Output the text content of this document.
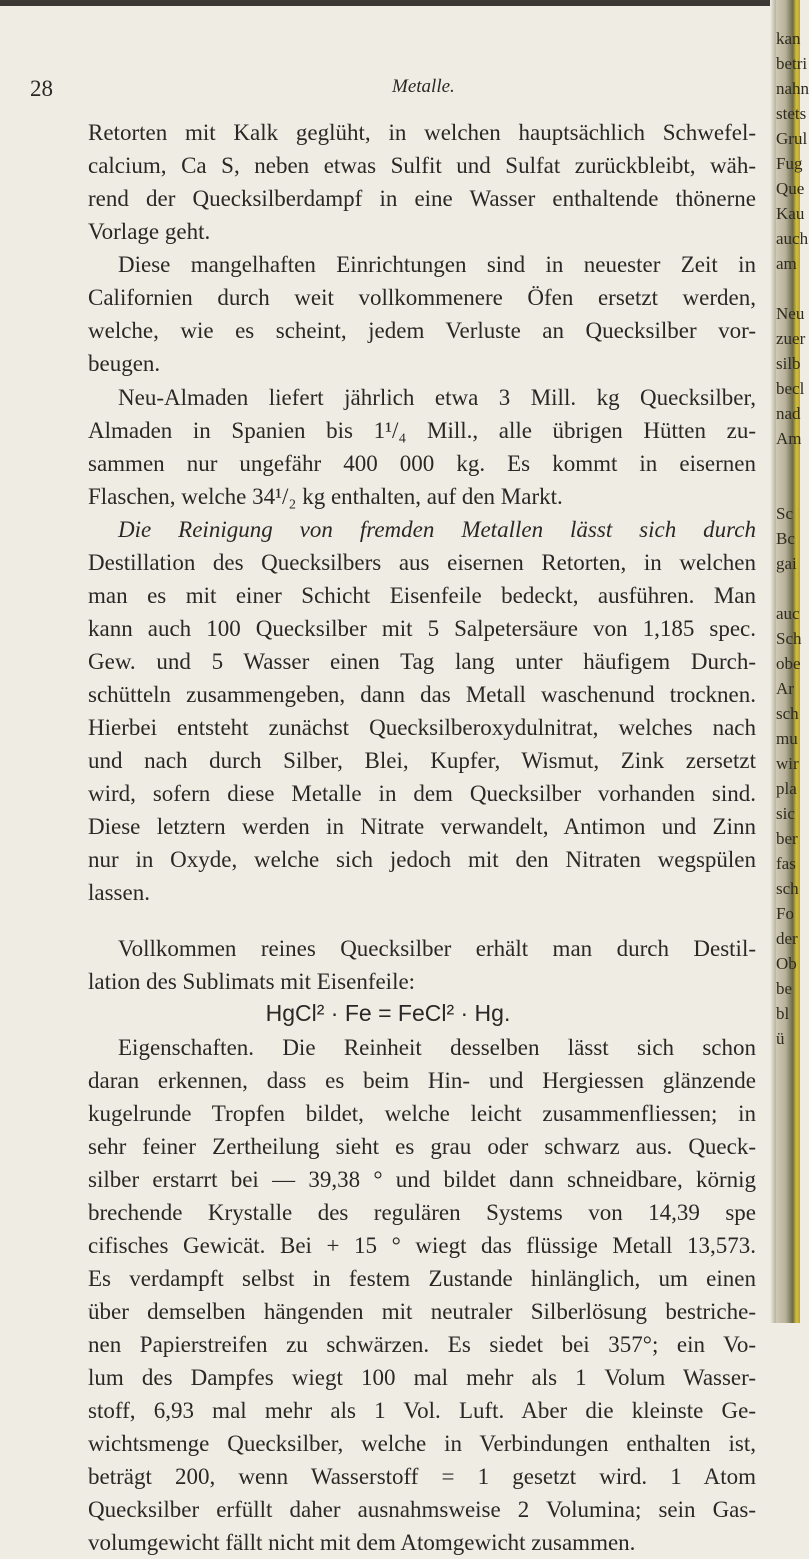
28	Metalle.
Retorten mit Kalk geglüht, in welchen hauptsächlich Schwefel-
calcium, Ca S, neben etwas Sulfit und Sulfat zurückbleibt, wäh-
rend der Quecksilberdampf in eine Wasser enthaltende thönerne
Vorlage geht.
Diese mangelhaften Einrichtungen sind in neuester Zeit in
Californien durch weit vollkommenere Öfen ersetzt werden,
welche, wie es scheint, jedem Verluste an Quecksilber vor-
beugen.
Neu-Almaden liefert jährlich etwa 3 Mill. kg Quecksilber,
Almaden in Spanien bis 1¹/₄ Mill., alle übrigen Hütten zu-
sammen nur ungefähr 400 000 kg. Es kommt in eisernen
Flaschen, welche 34¹/₂ kg enthalten, auf den Markt.
Die Reinigung von fremden Metallen lässt sich durch
Destillation des Quecksilbers aus eisernen Retorten, in welchen
man es mit einer Schicht Eisenfeile bedeckt, ausführen. Man
kann auch 100 Quecksilber mit 5 Salpetersäure von 1,185 spec.
Gew. und 5 Wasser einen Tag lang unter häufigem Durch-
schütteln zusammengeben, dann das Metall waschenund trocknen.
Hierbei entsteht zunächst Quecksilberoxydulnitrat, welches nach
und nach durch Silber, Blei, Kupfer, Wismut, Zink zersetzt
wird, sofern diese Metalle in dem Quecksilber vorhanden sind.
Diese letztern werden in Nitrate verwandelt, Antimon und Zinn
nur in Oxyde, welche sich jedoch mit den Nitraten wegspülen
lassen.
Vollkommen reines Quecksilber erhält man durch Destil-
lation des Sublimats mit Eisenfeile:
HgCl² · Fe = FeCl² · Hg.
Eigenschaften. Die Reinheit desselben lässt sich schon
daran erkennen, dass es beim Hin- und Hergiessen glänzende
kugelrunde Tropfen bildet, welche leicht zusammenfliessen; in
sehr feiner Zertheilung sieht es grau oder schwarz aus. Queck-
silber erstarrt bei — 39,38 ° und bildet dann schneidbare, körnig
brechende Krystalle des regulären Systems von 14,39 spe
cifisches Gewicät. Bei + 15 ° wiegt das flüssige Metall 13,573.
Es verdampft selbst in festem Zustande hinlänglich, um einen
über demselben hängenden mit neutraler Silberlösung bestriche-
nen Papierstreifen zu schwärzen. Es siedet bei 357°; ein Vo-
lum des Dampfes wiegt 100 mal mehr als 1 Volum Wasser-
stoff, 6,93 mal mehr als 1 Vol. Luft. Aber die kleinste Ge-
wichtsmenge Quecksilber, welche in Verbindungen enthalten ist,
beträgt 200, wenn Wasserstoff = 1 gesetzt wird. 1 Atom
Quecksilber erfüllt daher ausnahmsweise 2 Volumina; sein Gas-
volumgewicht fällt nicht mit dem Atomgewicht zusammen.
kan
betri
nahn
stets
Grul
Fug
Que
Kau
auch
am
Neu
zuer
silb
becl
nad
Am
Sc
Bc
gai
auc
Sch
obe
Ar
sch
mu
wir
pla
sic
ber
fas
sch
Fo
der
Ob
be
bl
ü
